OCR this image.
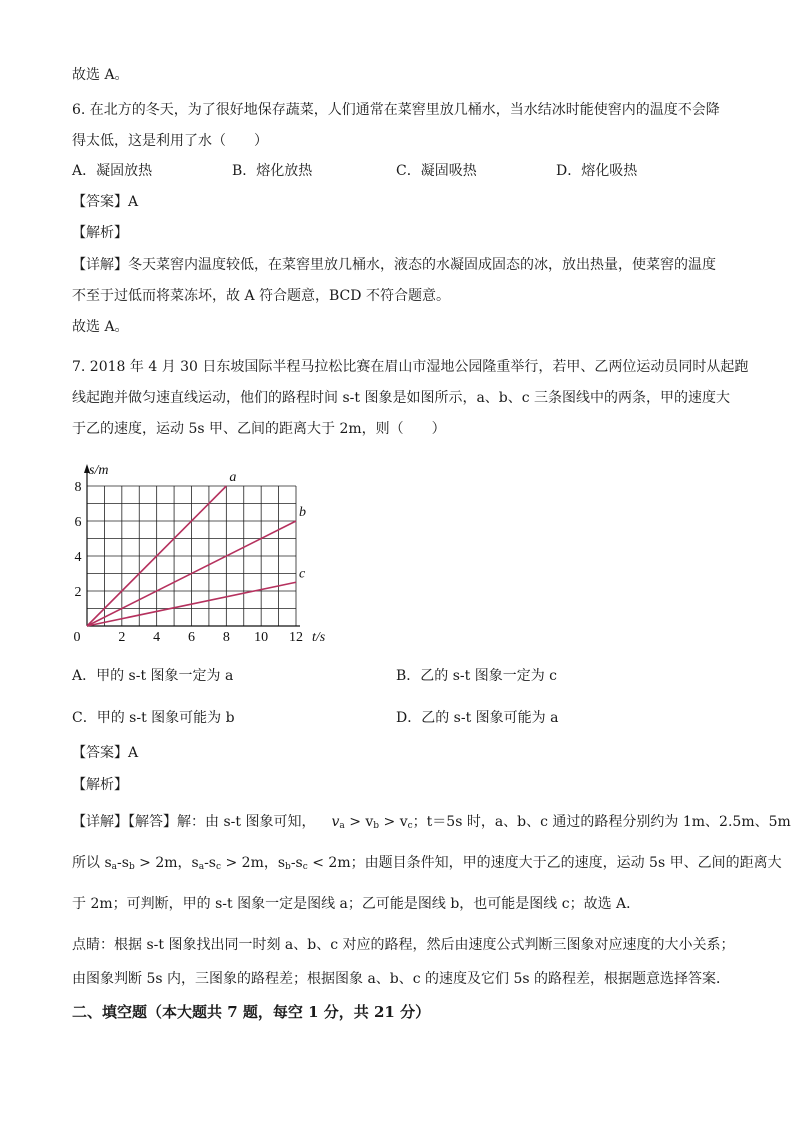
故选 A。
6. 在北方的冬天，为了很好地保存蔬菜，人们通常在菜窖里放几桶水，当水结冰时能使窖内的温度不会降
得太低，这是利用了水（　　）
A．凝固放热	B．熔化放热	C．凝固吸热	D．熔化吸热
【答案】A
【解析】
【详解】冬天菜窖内温度较低，在菜窖里放几桶水，液态的水凝固成固态的冰，放出热量，使菜窖的温度
不至于过低而将菜冻坏，故 A 符合题意，BCD 不符合题意。
故选 A。
7. 2018 年 4 月 30 日东坡国际半程马拉松比赛在眉山市湿地公园隆重举行，若甲、乙两位运动员同时从起跑
线起跑并做匀速直线运动，他们的路程时间 s-t 图象是如图所示，a、b、c 三条图线中的两条，甲的速度大
于乙的速度，运动 5s 甲、乙间的距离大于 2m，则（　　）
a
b
c
0	2 4 6 8 10 12
2
4
6
8
s/m
t/s
A．甲的 s-t 图象一定为 a	B．乙的 s-t 图象一定为 c
C．甲的 s-t 图象可能为 b	D．乙的 s-t 图象可能为 a
【答案】A
【解析】
【详解】【解答】解：由 s-t 图象可知， $v_a > v_b > v_c$；t＝5s 时，a、b、c 通过的路程分别约为 1m、2.5m、5m
所以 $s_a-s_b > 2m$，$s_a-s_c > 2m$，$s_b-s_c < 2m$；由题目条件知，甲的速度大于乙的速度，运动 5s 甲、乙间的距离大
于 2m；可判断，甲的 s-t 图象一定是图线 a；乙可能是图线 b，也可能是图线 c；故选 A．
点睛：根据 s-t 图象找出同一时刻 a、b、c 对应的路程，然后由速度公式判断三图象对应速度的大小关系；
由图象判断 5s 内，三图象的路程差；根据图象 a、b、c 的速度及它们 5s 的路程差，根据题意选择答案．
二、填空题（本大题共 7 题，每空 1 分，共 21 分）
